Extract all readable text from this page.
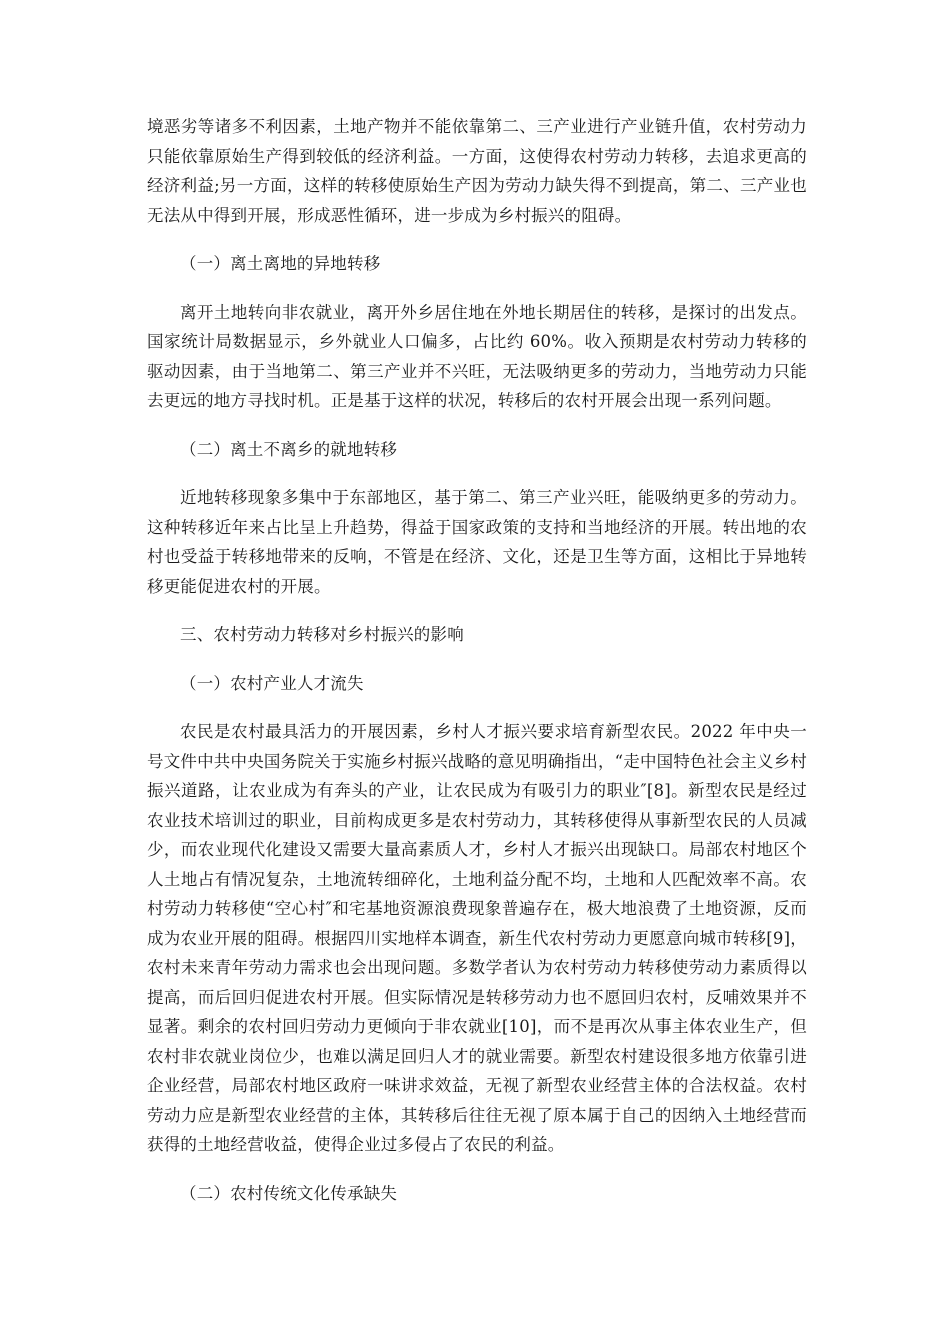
境恶劣等诸多不利因素，土地产物并不能依靠第二、三产业进行产业链升值，农村劳动力只能依靠原始生产得到较低的经济利益。一方面，这使得农村劳动力转移，去追求更高的经济利益;另一方面，这样的转移使原始生产因为劳动力缺失得不到提高，第二、三产业也无法从中得到开展，形成恶性循环，进一步成为乡村振兴的阻碍。

（一）离土离地的异地转移

离开土地转向非农就业，离开外乡居住地在外地长期居住的转移，是探讨的出发点。国家统计局数据显示，乡外就业人口偏多，占比约 60%。收入预期是农村劳动力转移的驱动因素，由于当地第二、第三产业并不兴旺，无法吸纳更多的劳动力，当地劳动力只能去更远的地方寻找时机。正是基于这样的状况，转移后的农村开展会出现一系列问题。

（二）离土不离乡的就地转移

近地转移现象多集中于东部地区，基于第二、第三产业兴旺，能吸纳更多的劳动力。这种转移近年来占比呈上升趋势，得益于国家政策的支持和当地经济的开展。转出地的农村也受益于转移地带来的反响，不管是在经济、文化，还是卫生等方面，这相比于异地转移更能促进农村的开展。

三、农村劳动力转移对乡村振兴的影响
（一）农村产业人才流失

农民是农村最具活力的开展因素，乡村人才振兴要求培育新型农民。2022 年中央一号文件中共中央国务院关于实施乡村振兴战略的意见明确指出，“走中国特色社会主义乡村振兴道路，让农业成为有奔头的产业，让农民成为有吸引力的职业″[8]。新型农民是经过农业技术培训过的职业，目前构成更多是农村劳动力，其转移使得从事新型农民的人员减少，而农业现代化建设又需要大量高素质人才，乡村人才振兴出现缺口。局部农村地区个人土地占有情况复杂，土地流转细碎化，土地利益分配不均，土地和人匹配效率不高。农村劳动力转移使“空心村″和宅基地资源浪费现象普遍存在，极大地浪费了土地资源，反而成为农业开展的阻碍。根据四川实地样本调查，新生代农村劳动力更愿意向城市转移[9]，农村未来青年劳动力需求也会出现问题。多数学者认为农村劳动力转移使劳动力素质得以提高，而后回归促进农村开展。但实际情况是转移劳动力也不愿回归农村，反哺效果并不显著。剩余的农村回归劳动力更倾向于非农就业[10]，而不是再次从事主体农业生产，但农村非农就业岗位少，也难以满足回归人才的就业需要。新型农村建设很多地方依靠引进企业经营，局部农村地区政府一味讲求效益，无视了新型农业经营主体的合法权益。农村劳动力应是新型农业经营的主体，其转移后往往无视了原本属于自己的因纳入土地经营而获得的土地经营收益，使得企业过多侵占了农民的利益。

（二）农村传统文化传承缺失
